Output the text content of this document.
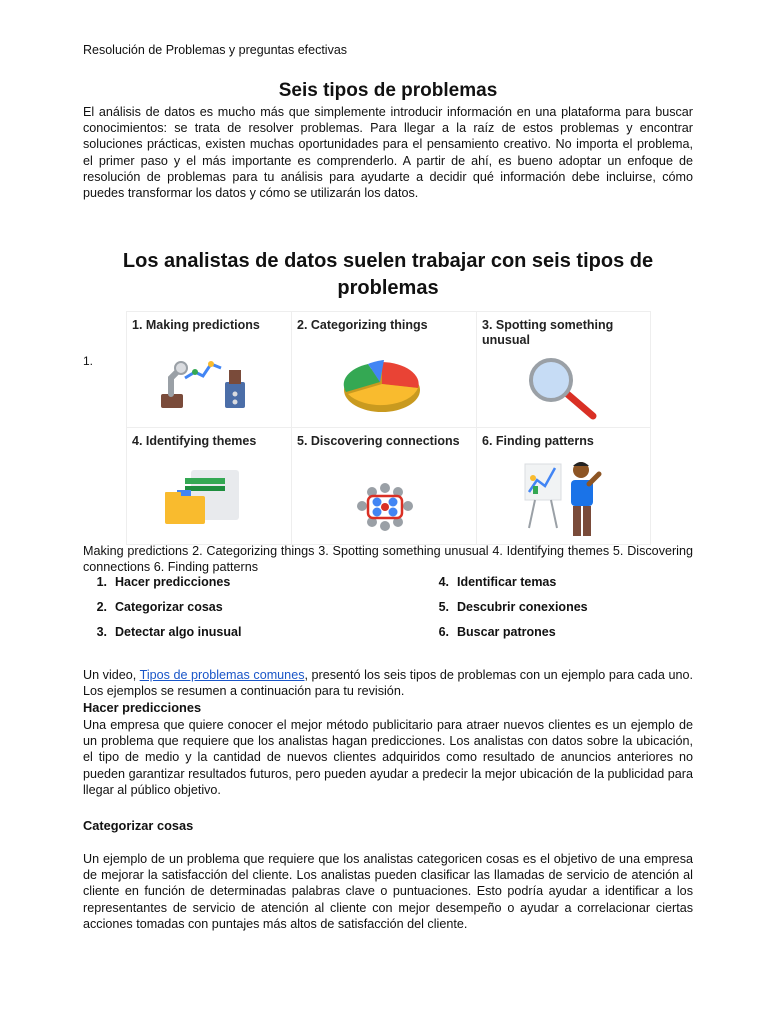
Resolución de Problemas y preguntas efectivas
Seis tipos de problemas
El análisis de datos es mucho más que simplemente introducir información en una plataforma para buscar conocimientos: se trata de resolver problemas. Para llegar a la raíz de estos problemas y encontrar soluciones prácticas, existen muchas oportunidades para el pensamiento creativo. No importa el problema, el primer paso y el más importante es comprenderlo. A partir de ahí, es bueno adoptar un enfoque de resolución de problemas para tu análisis para ayudarte a decidir qué información debe incluirse, cómo puedes transformar los datos y cómo se utilizarán los datos.
Los analistas de datos suelen trabajar con seis tipos de problemas
1.
1. Making predictions	2. Categorizing things	3. Spotting something unusual
4. Identifying themes	5. Discovering connections	6. Finding patterns
Making predictions 2. Categorizing things 3. Spotting something unusual 4. Identifying themes 5. Discovering connections 6. Finding patterns
1. Hacer predicciones
2. Categorizar cosas
3. Detectar algo inusual
4. Identificar temas
5. Descubrir conexiones
6. Buscar patrones
Un video, Tipos de problemas comunes, presentó los seis tipos de problemas con un ejemplo para cada uno. Los ejemplos se resumen a continuación para tu revisión.
Hacer predicciones
Una empresa que quiere conocer el mejor método publicitario para atraer nuevos clientes es un ejemplo de un problema que requiere que los analistas hagan predicciones. Los analistas con datos sobre la ubicación, el tipo de medio y la cantidad de nuevos clientes adquiridos como resultado de anuncios anteriores no pueden garantizar resultados futuros, pero pueden ayudar a predecir la mejor ubicación de la publicidad para llegar al público objetivo.
Categorizar cosas
Un ejemplo de un problema que requiere que los analistas categoricen cosas es el objetivo de una empresa de mejorar la satisfacción del cliente. Los analistas pueden clasificar las llamadas de servicio de atención al cliente en función de determinadas palabras clave o puntuaciones. Esto podría ayudar a identificar a los representantes de servicio de atención al cliente con mejor desempeño o ayudar a correlacionar ciertas acciones tomadas con puntajes más altos de satisfacción del cliente.
